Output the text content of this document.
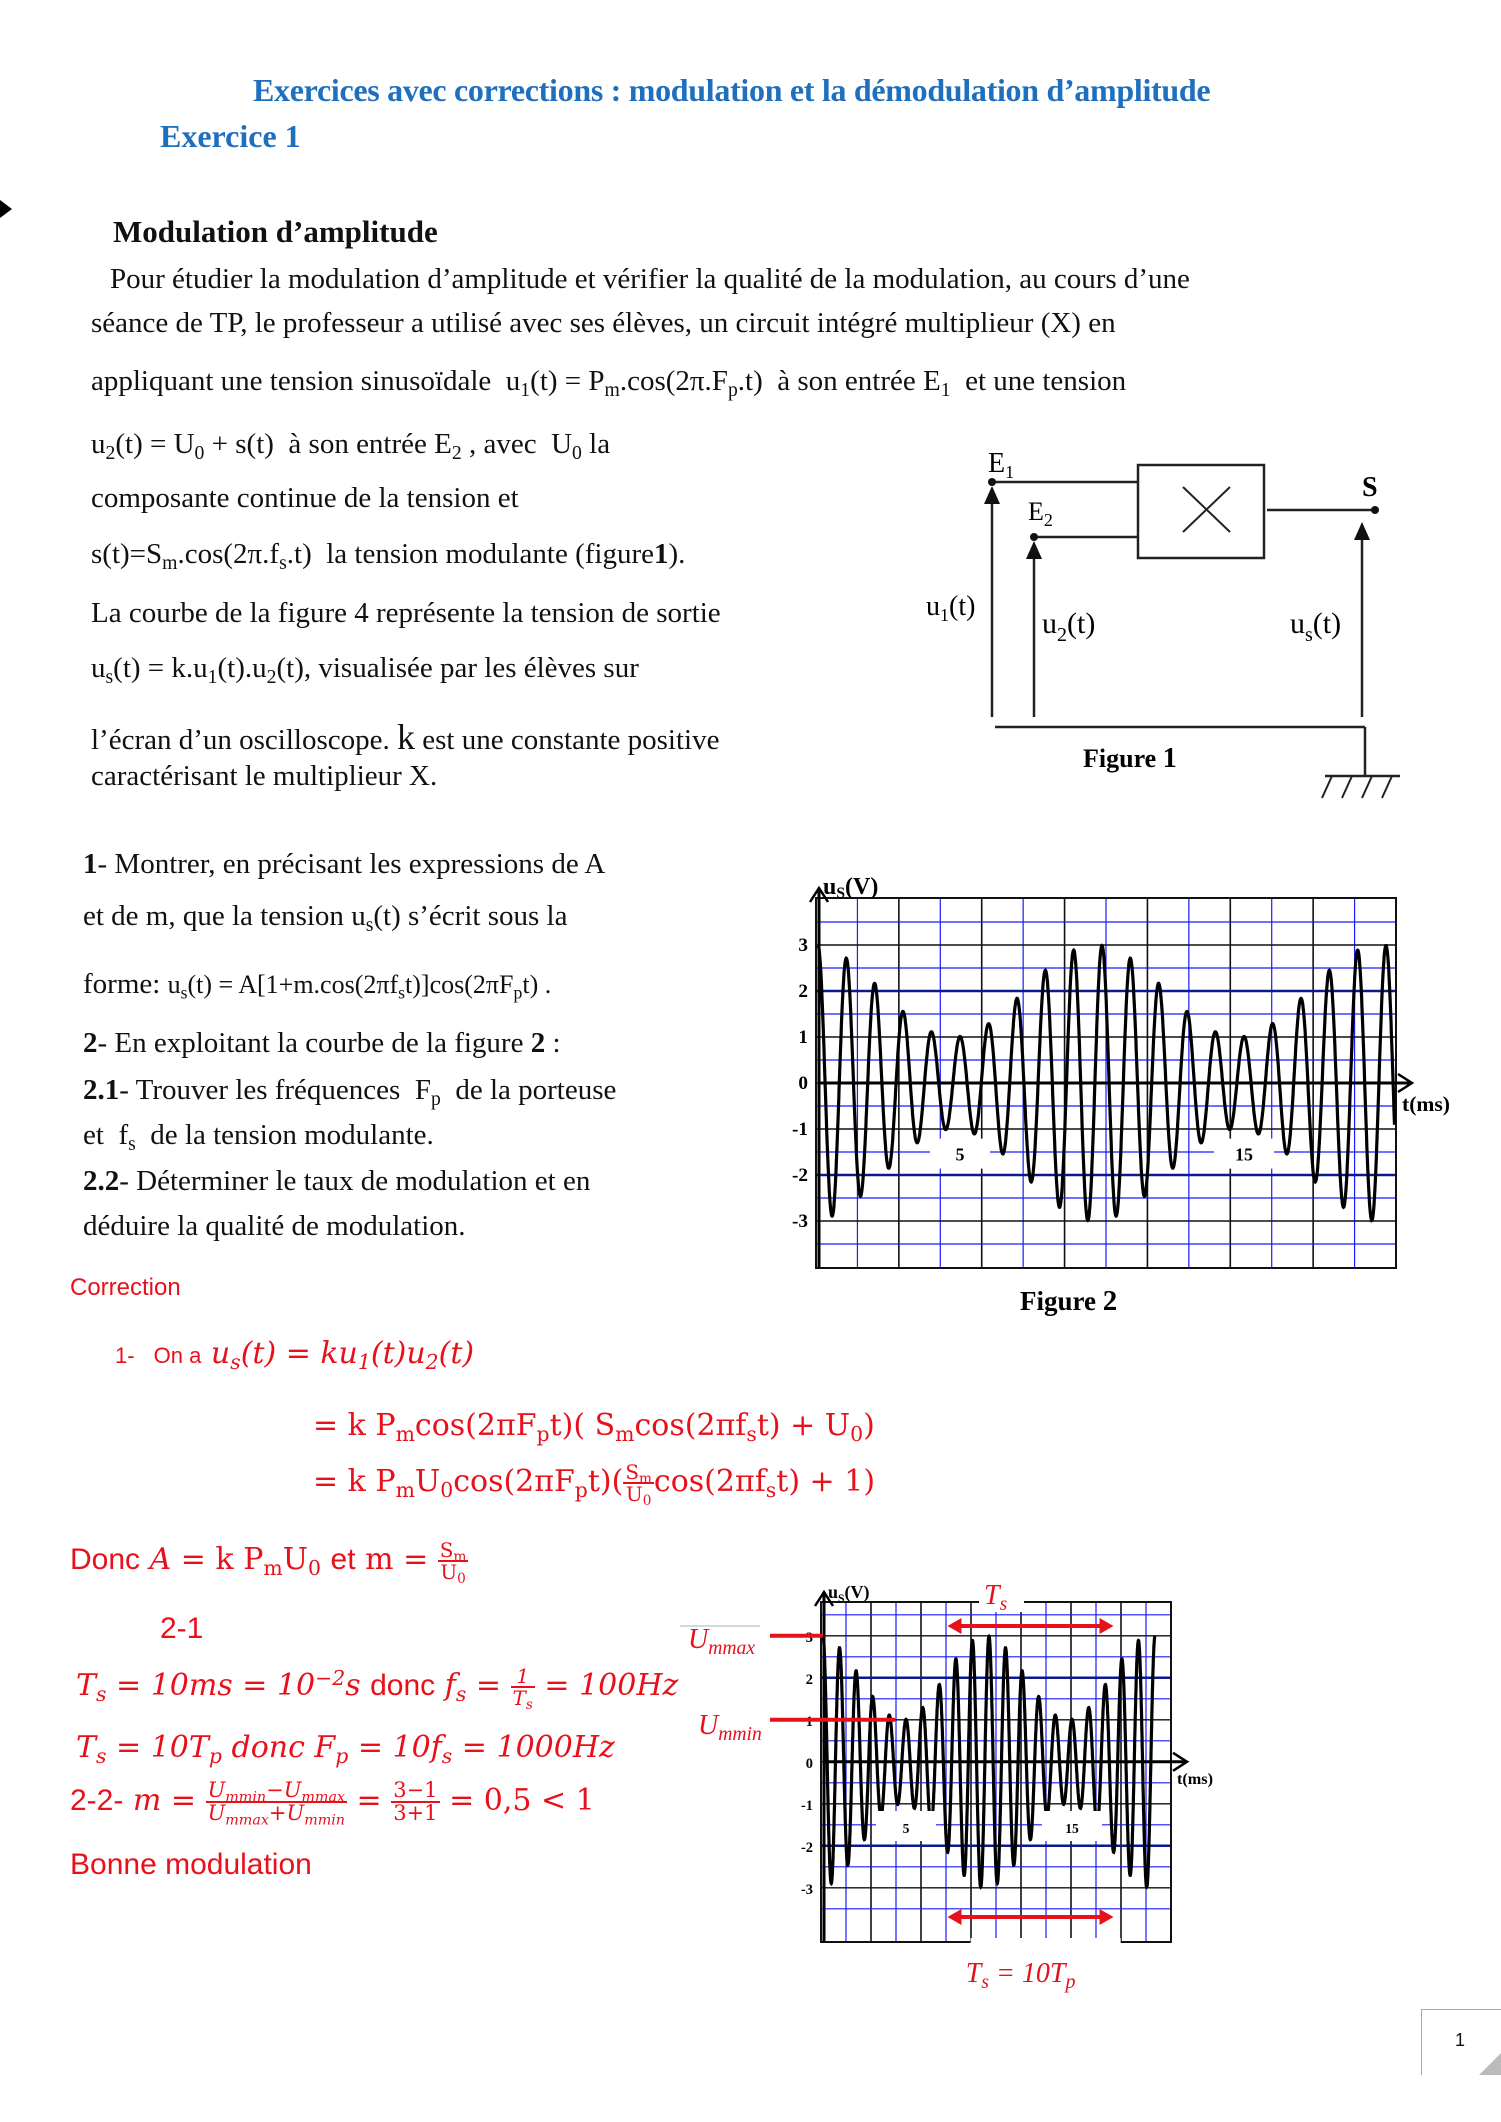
Exercices avec corrections : modulation et la démodulation d’amplitude
Exercice 1
Modulation d’amplitude
Pour étudier la modulation d’amplitude et vérifier la qualité de la modulation, au cours d’une
séance de TP, le professeur a utilisé avec ses élèves, un circuit intégré multiplieur (X) en
appliquant une tension sinusoïdale  $u_1(t) = P_m.\cos(2\pi.F_p.t)$  à son entrée $E_1$ et une tension
$u_2(t) = U_0 + s(t)$  à son entrée $E_2$ , avec  $U_0$ la
composante continue de la tension et
$s(t)=S_m.\cos(2\pi.f_s.t)$  la tension modulante (figure1).
La courbe de la figure 4 représente la tension de sortie
$u_s(t) = k.u_1(t).u_2(t)$, visualisée par les élèves sur
l’écran d’un oscilloscope. k est une constante positive
caractérisant le multiplieur X.
$E_1$
$E_2$
S
$u_1(t)$
$u_2(t)$	$u_s(t)$
Figure 1
1- Montrer, en précisant les expressions de A
et de m, que la tension $u_s(t)$ s’écrit sous la
forme: $u_s(t) = A[1+m.\cos(2\pi f_st)]\cos(2\pi F_pt)$ .
2- En exploitant la courbe de la figure 2 :
2.1- Trouver les fréquences  $F_p$ de la porteuse
et  $f_s$ de la tension modulante.
2.2- Déterminer le taux de modulation et en
déduire la qualité de modulation.
uS(V)
t(ms)
3
2
1
0
-1
-2
-3
5	15
Figure 2
Correction
1- On a $u_s(t) = ku_1(t)u_2(t)$
= k $P_m\cos(2\pi F_pt)$( $S_m\cos(2\pi f_st) + U_0$)
= k $P_mU_0\cos(2\pi F_pt)( \frac{S_m}{U_0} \cos(2\pi f_st) + 1)$
Donc A = k $P_mU_0$ et $m = \frac{S_m}{U_0}$
2-1
$T_s = 10ms = 10^{-2}s$ donc $f_s = \frac{1}{T_s} = 100Hz$
$T_s = 10T_p$ donc $F_p = 10f_s = 1000Hz$
2-2- $m = \frac{U_{mmin}-U_{mmax}}{U_{mmax}+U_{mmin}} = \frac{3-1}{3+1} = 0,5 < 1$
Bonne modulation
$u_S(V)$
t(ms)
3
2
1
0
-1
-2
-3
5	15
$U_{mmax}$
$U_{mmin}$
$T_s$
$T_s = 10T_p$
1
